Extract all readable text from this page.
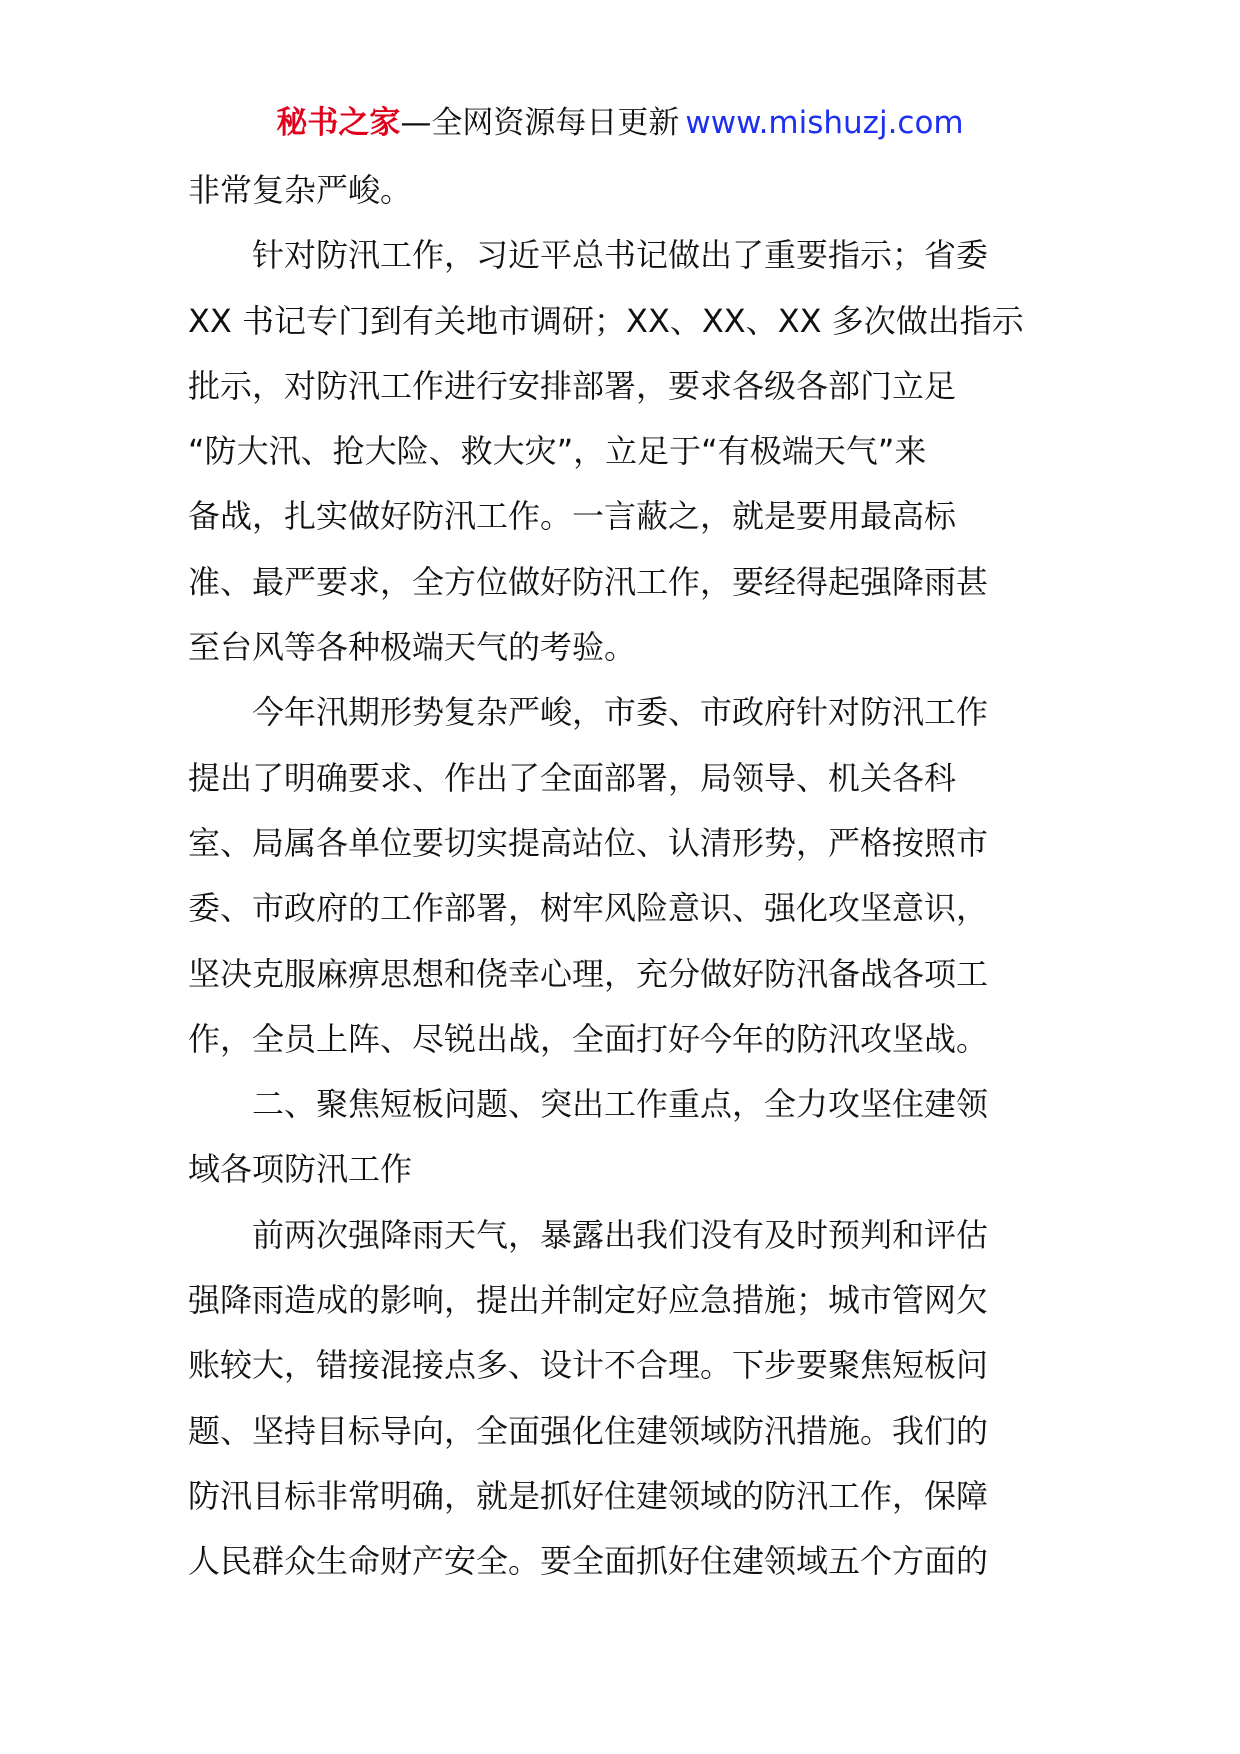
秘书之家—全网资源每日更新 www.mishuzj.com
非常复杂严峻。
针对防汛工作，习近平总书记做出了重要指示；省委
XX 书记专门到有关地市调研；XX、XX、XX 多次做出指示
批示，对防汛工作进行安排部署，要求各级各部门立足
“防大汛、抢大险、救大灾”，立足于“有极端天气”来
备战，扎实做好防汛工作。一言蔽之，就是要用最高标
准、最严要求，全方位做好防汛工作，要经得起强降雨甚
至台风等各种极端天气的考验。
今年汛期形势复杂严峻，市委、市政府针对防汛工作
提出了明确要求、作出了全面部署，局领导、机关各科
室、局属各单位要切实提高站位、认清形势，严格按照市
委、市政府的工作部署，树牢风险意识、强化攻坚意识，
坚决克服麻痹思想和侥幸心理，充分做好防汛备战各项工
作，全员上阵、尽锐出战，全面打好今年的防汛攻坚战。
二、聚焦短板问题、突出工作重点，全力攻坚住建领
域各项防汛工作
前两次强降雨天气，暴露出我们没有及时预判和评估
强降雨造成的影响，提出并制定好应急措施；城市管网欠
账较大，错接混接点多、设计不合理。下步要聚焦短板问
题、坚持目标导向，全面强化住建领域防汛措施。我们的
防汛目标非常明确，就是抓好住建领域的防汛工作，保障
人民群众生命财产安全。要全面抓好住建领域五个方面的
